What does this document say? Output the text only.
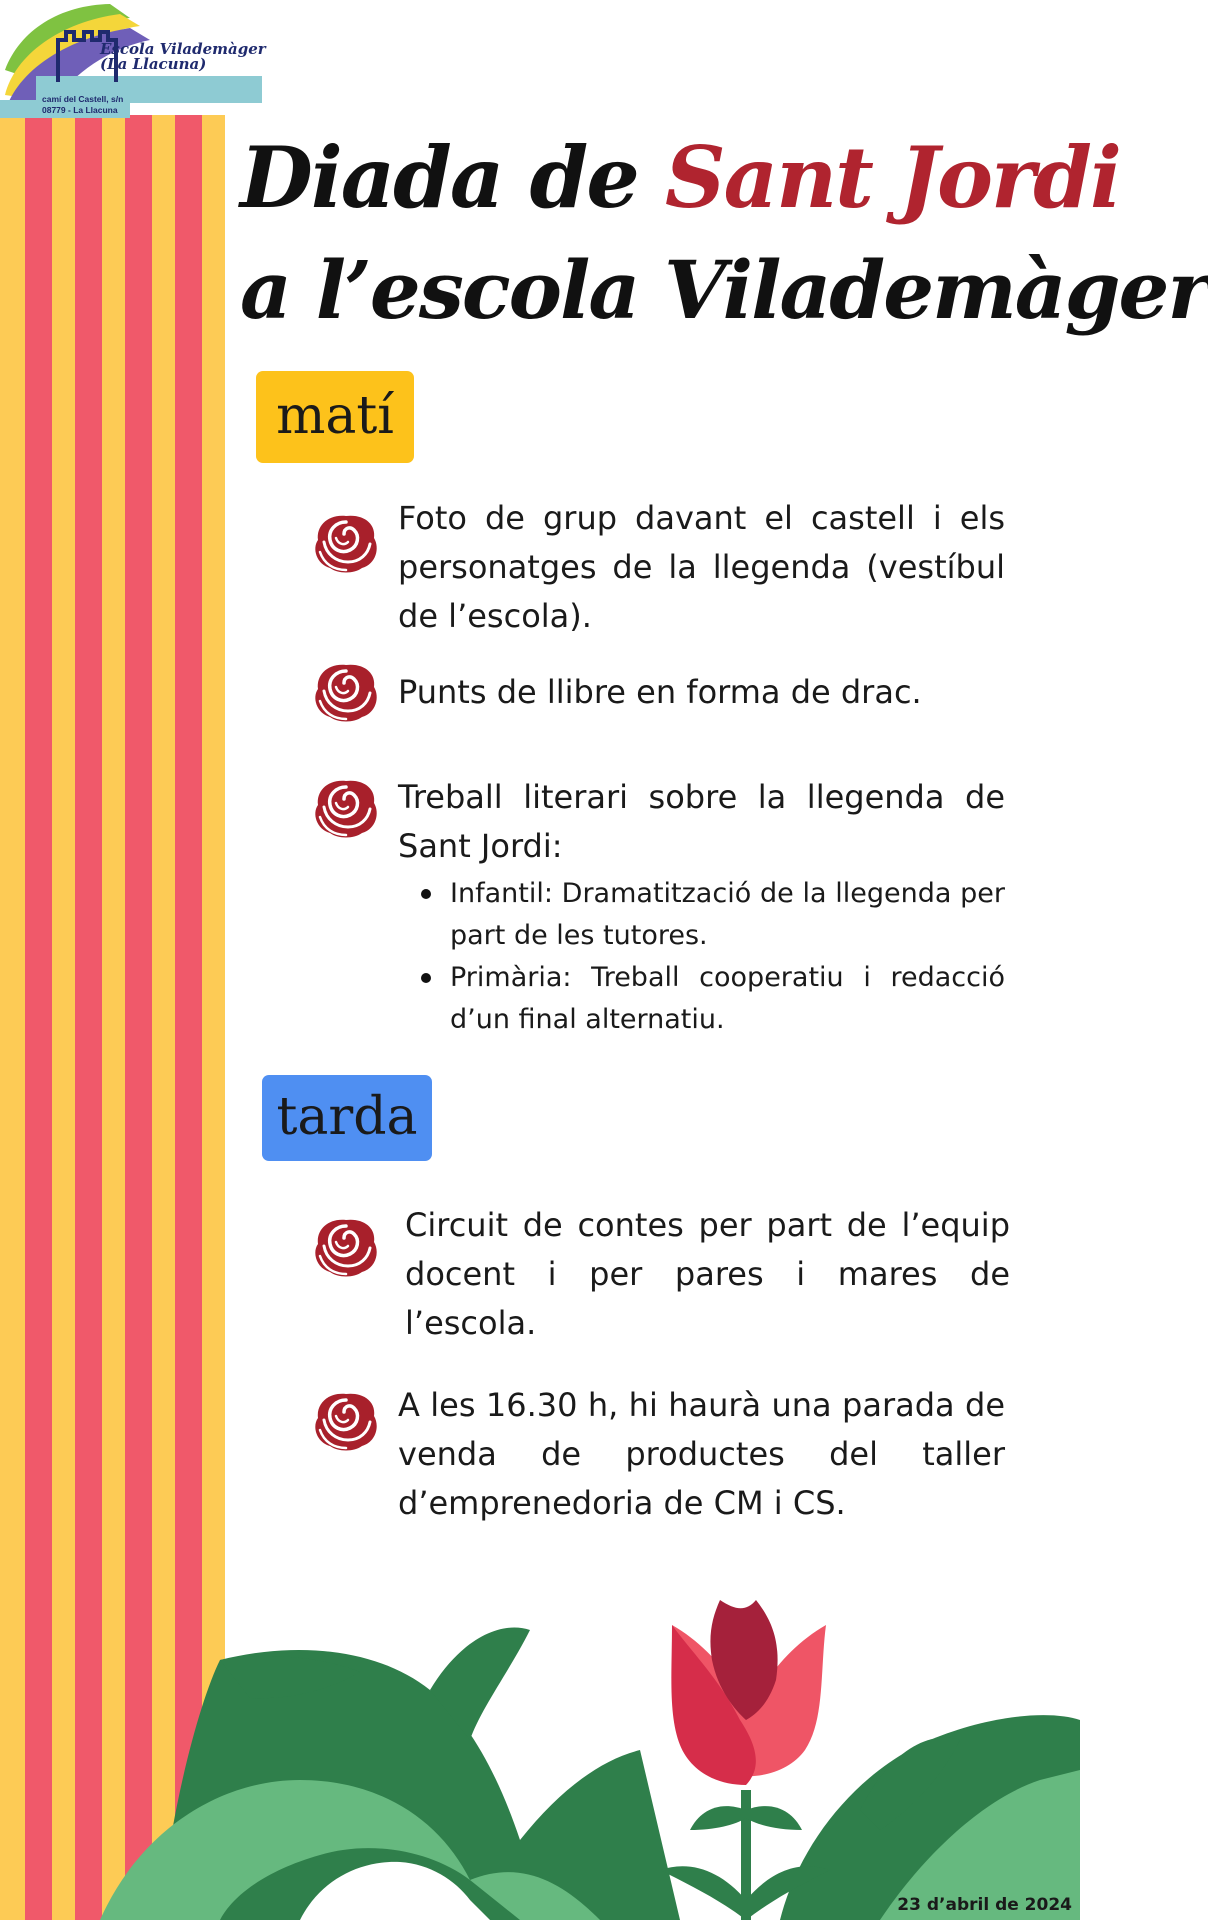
Escola Vilademàger (La Llacuna)
camí del Castell, s/n
08779 - La Llacuna
Diada de Sant Jordi
a l’escola Vilademàger
matí
Foto de grup davant el castell i els personatges de la llegenda (vestíbul de l’escola).
Punts de llibre en forma de drac.
Treball literari sobre la llegenda de Sant Jordi:
Infantil: Dramatització de la llegenda per part de les tutores.
Primària: Treball cooperatiu i redacció d’un final alternatiu.
tarda
Circuit de contes per part de l’equip docent i per pares i mares de l’escola.
A les 16.30 h, hi haurà una parada de venda de productes del taller d’emprenedoria de CM i CS.
23 d’abril de 2024
